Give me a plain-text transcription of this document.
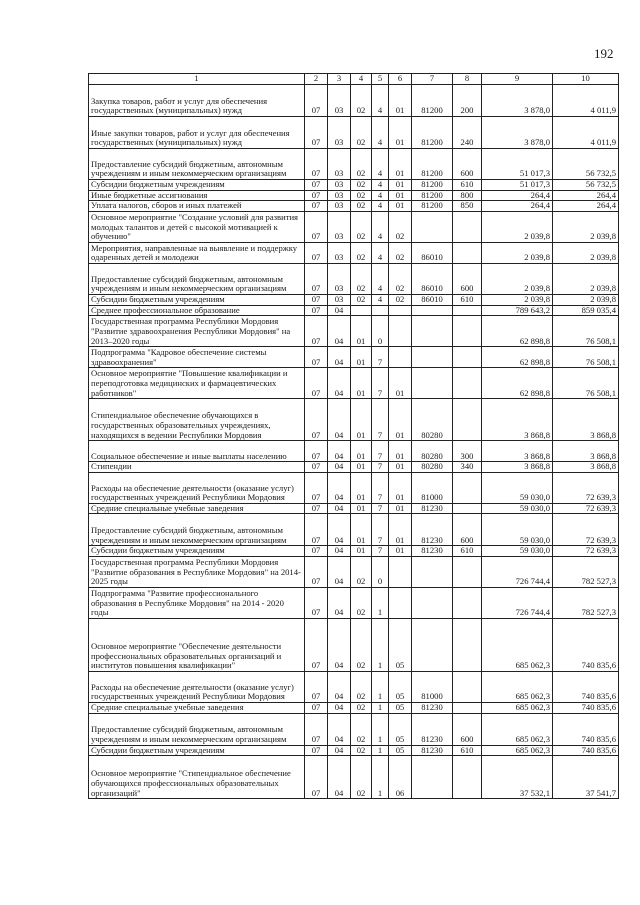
192
1	2	3	4	5	6	7	8	9	10
Закупка товаров, работ и услуг для обеспечения государственных (муниципальных) нужд	07	03	02	4	01	81200	200	3 878,0	4 011,9
Иные закупки товаров, работ и услуг для обеспечения государственных (муниципальных) нужд	07	03	02	4	01	81200	240	3 878,0	4 011,9
Предоставление субсидий бюджетным, автономным учреждениям и иным некоммерческим организациям	07	03	02	4	01	81200	600	51 017,3	56 732,5
Субсидии бюджетным учреждениям	07	03	02	4	01	81200	610	51 017,3	56 732,5
Иные бюджетные ассигнования	07	03	02	4	01	81200	800	264,4	264,4
Уплата налогов, сборов и иных платежей	07	03	02	4	01	81200	850	264,4	264,4
Основное мероприятие "Создание условий для развития молодых талантов и детей с высокой мотивацией к обучению"	07	03	02	4	02			2 039,8	2 039,8
Мероприятия, направленные на выявление и поддержку одаренных детей и молодежи	07	03	02	4	02	86010		2 039,8	2 039,8
Предоставление субсидий бюджетным, автономным учреждениям и иным некоммерческим организациям	07	03	02	4	02	86010	600	2 039,8	2 039,8
Субсидии бюджетным учреждениям	07	03	02	4	02	86010	610	2 039,8	2 039,8
Среднее профессиональное образование	07	04						789 643,2	859 035,4
Государственная программа Республики Мордовия "Развитие здравоохранения Республики Мордовия" на 2013–2020 годы	07	04	01	0				62 898,8	76 508,1
Подпрограмма "Кадровое обеспечение системы здравоохранения"	07	04	01	7				62 898,8	76 508,1
Основное мероприятие "Повышение квалификации и переподготовка медицинских и фармацевтических работников"	07	04	01	7	01			62 898,8	76 508,1
Стипендиальное обеспечение обучающихся в государственных образовательных учреждениях, находящихся в ведении Республики Мордовия	07	04	01	7	01	80280		3 868,8	3 868,8
Социальное обеспечение и иные выплаты населению	07	04	01	7	01	80280	300	3 868,8	3 868,8
Стипендии	07	04	01	7	01	80280	340	3 868,8	3 868,8
Расходы на обеспечение деятельности (оказание услуг) государственных учреждений Республики Мордовия	07	04	01	7	01	81000		59 030,0	72 639,3
Средние специальные учебные заведения	07	04	01	7	01	81230		59 030,0	72 639,3
Предоставление субсидий бюджетным, автономным учреждениям и иным некоммерческим организациям	07	04	01	7	01	81230	600	59 030,0	72 639,3
Субсидии бюджетным учреждениям	07	04	01	7	01	81230	610	59 030,0	72 639,3
Государственная программа Республики Мордовия "Развитие образования в Республике Мордовия" на 2014-2025 годы	07	04	02	0				726 744,4	782 527,3
Подпрограмма "Развитие профессионального образования в Республике Мордовия" на 2014 - 2020 годы	07	04	02	1				726 744,4	782 527,3
Основное мероприятие "Обеспечение деятельности профессиональных образовательных организаций и институтов повышения квалификации"	07	04	02	1	05			685 062,3	740 835,6
Расходы на обеспечение деятельности (оказание услуг) государственных учреждений Республики Мордовия	07	04	02	1	05	81000		685 062,3	740 835,6
Средние специальные учебные заведения	07	04	02	1	05	81230		685 062,3	740 835,6
Предоставление субсидий бюджетным, автономным учреждениям и иным некоммерческим организациям	07	04	02	1	05	81230	600	685 062,3	740 835,6
Субсидии бюджетным учреждениям	07	04	02	1	05	81230	610	685 062,3	740 835,6
Основное мероприятие "Стипендиальное обеспечение обучающихся профессиональных образовательных организаций"	07	04	02	1	06			37 532,1	37 541,7
